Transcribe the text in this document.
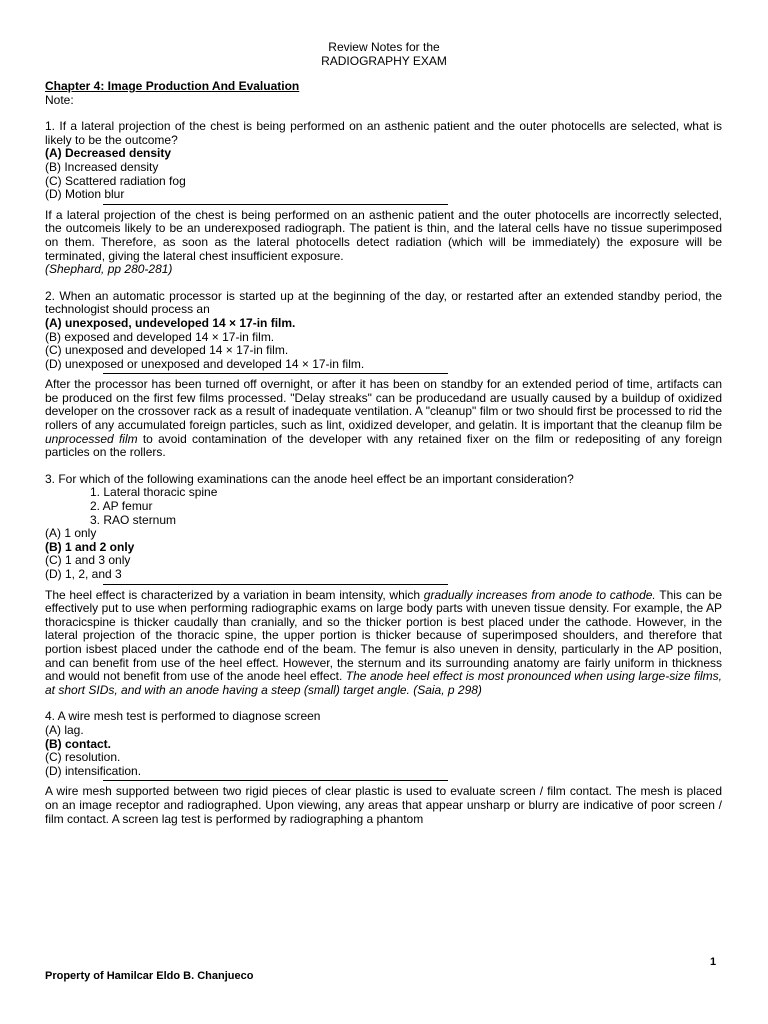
Review Notes for the
RADIOGRAPHY EXAM

Chapter 4: Image Production And Evaluation

Note:

1. If a lateral projection of the chest is being performed on an asthenic patient and the outer photocells are selected, what is likely to be the outcome?

(A) Decreased density

(B) Increased density

(C) Scattered radiation fog

(D) Motion blur

If a lateral projection of the chest is being performed on an asthenic patient and the outer photocells are incorrectly selected, the outcomeis likely to be an underexposed radiograph. The patient is thin, and the lateral cells have no tissue superimposed on them. Therefore, as soon as the lateral photocells detect radiation (which will be immediately) the exposure will be terminated, giving the lateral chest insufficient exposure.

(Shephard, pp 280-281)

2. When an automatic processor is started up at the beginning of the day, or restarted after an extended standby period, the technologist should process an

(A) unexposed, undeveloped 14 × 17-in film.

(B) exposed and developed 14 × 17-in film.

(C) unexposed and developed 14 × 17-in film.

(D) unexposed or unexposed and developed 14 × 17-in film.

After the processor has been turned off overnight, or after it has been on standby for an extended period of time, artifacts can be produced on the first few films processed. "Delay streaks" can be producedand are usually caused by a buildup of oxidized developer on the crossover rack as a result of inadequate ventilation. A "cleanup" film or two should first be processed to rid the rollers of any accumulated foreign particles, such as lint, oxidized developer, and gelatin. It is important that the cleanup film be unprocessed film to avoid contamination of the developer with any retained fixer on the film or redepositing of any foreign particles on the rollers.

3. For which of the following examinations can the anode heel effect be an important consideration?

1. Lateral thoracic spine

2. AP femur

3. RAO sternum

(A) 1 only

(B) 1 and 2 only

(C) 1 and 3 only

(D) 1, 2, and 3

The heel effect is characterized by a variation in beam intensity, which gradually increases from anode to cathode. This can be effectively put to use when performing radiographic exams on large body parts with uneven tissue density. For example, the AP thoracicspine is thicker caudally than cranially, and so the thicker portion is best placed under the cathode. However, in the lateral projection of the thoracic spine, the upper portion is thicker because of superimposed shoulders, and therefore that portion isbest placed under the cathode end of the beam. The femur is also uneven in density, particularly in the AP position, and can benefit from use of the heel effect. However, the sternum and its surrounding anatomy are fairly uniform in thickness and would not benefit from use of the anode heel effect. The anode heel effect is most pronounced when using large-size films, at short SIDs, and with an anode having a steep (small) target angle. (Saia, p 298)

4. A wire mesh test is performed to diagnose screen

(A) lag.

(B) contact.

(C) resolution.

(D) intensification.

A wire mesh supported between two rigid pieces of clear plastic is used to evaluate screen / film contact. The mesh is placed on an image receptor and radiographed. Upon viewing, any areas that appear unsharp or blurry are indicative of poor screen / film contact. A screen lag test is performed by radiographing a phantom

1
Property of Hamilcar Eldo B. Chanjueco
